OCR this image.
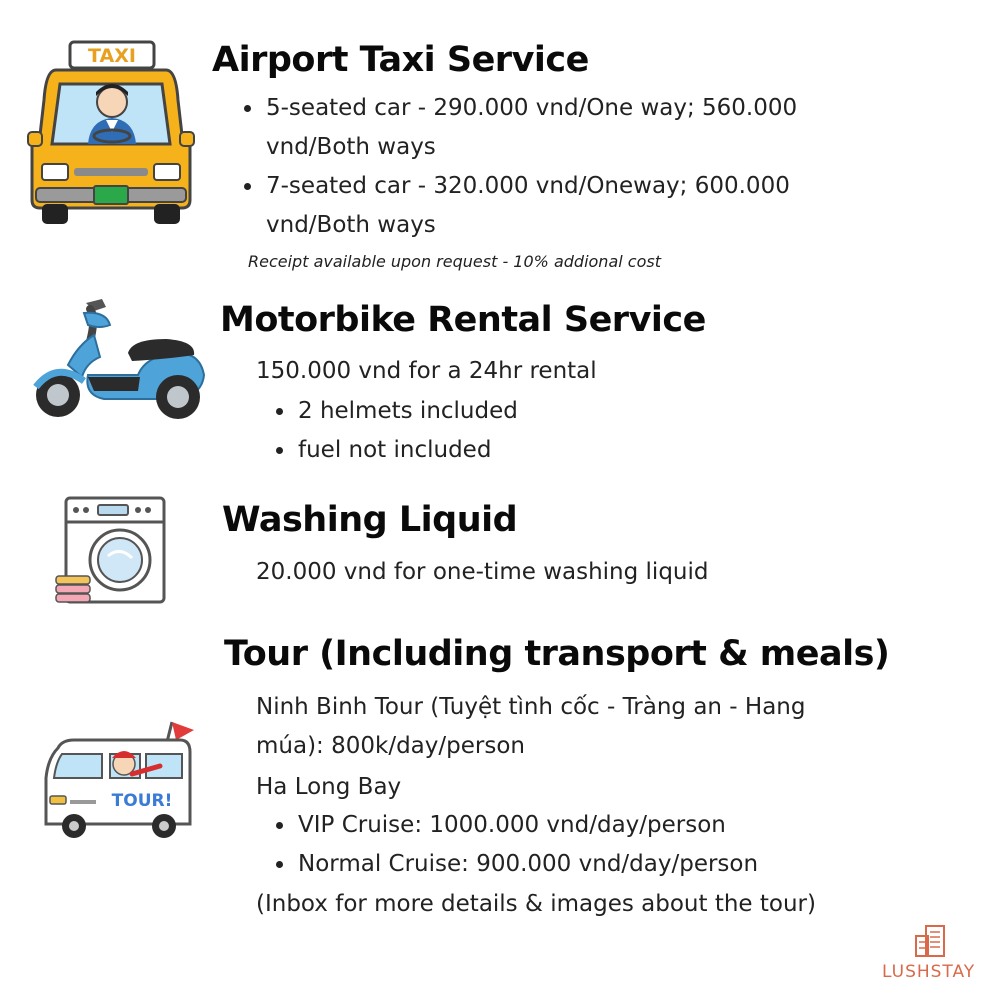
TAXI Airport Taxi Service
5-seated car - 290.000 vnd/One way; 560.000
vnd/Both ways
7-seated car - 320.000 vnd/Oneway; 600.000
vnd/Both ways
Receipt available upon request - 10% addional cost
Motorbike Rental Service
150.000 vnd for a 24hr rental
2 helmets included
fuel not included
Washing Liquid
20.000 vnd for one-time washing liquid
TOUR!
Tour (Including transport & meals)
Ninh Binh Tour (Tuyệt tình cốc - Tràng an - Hang
múa): 800k/day/person
Ha Long Bay
VIP Cruise: 1000.000 vnd/day/person
Normal Cruise: 900.000 vnd/day/person
(Inbox for more details & images about the tour)
LUSHSTAY
